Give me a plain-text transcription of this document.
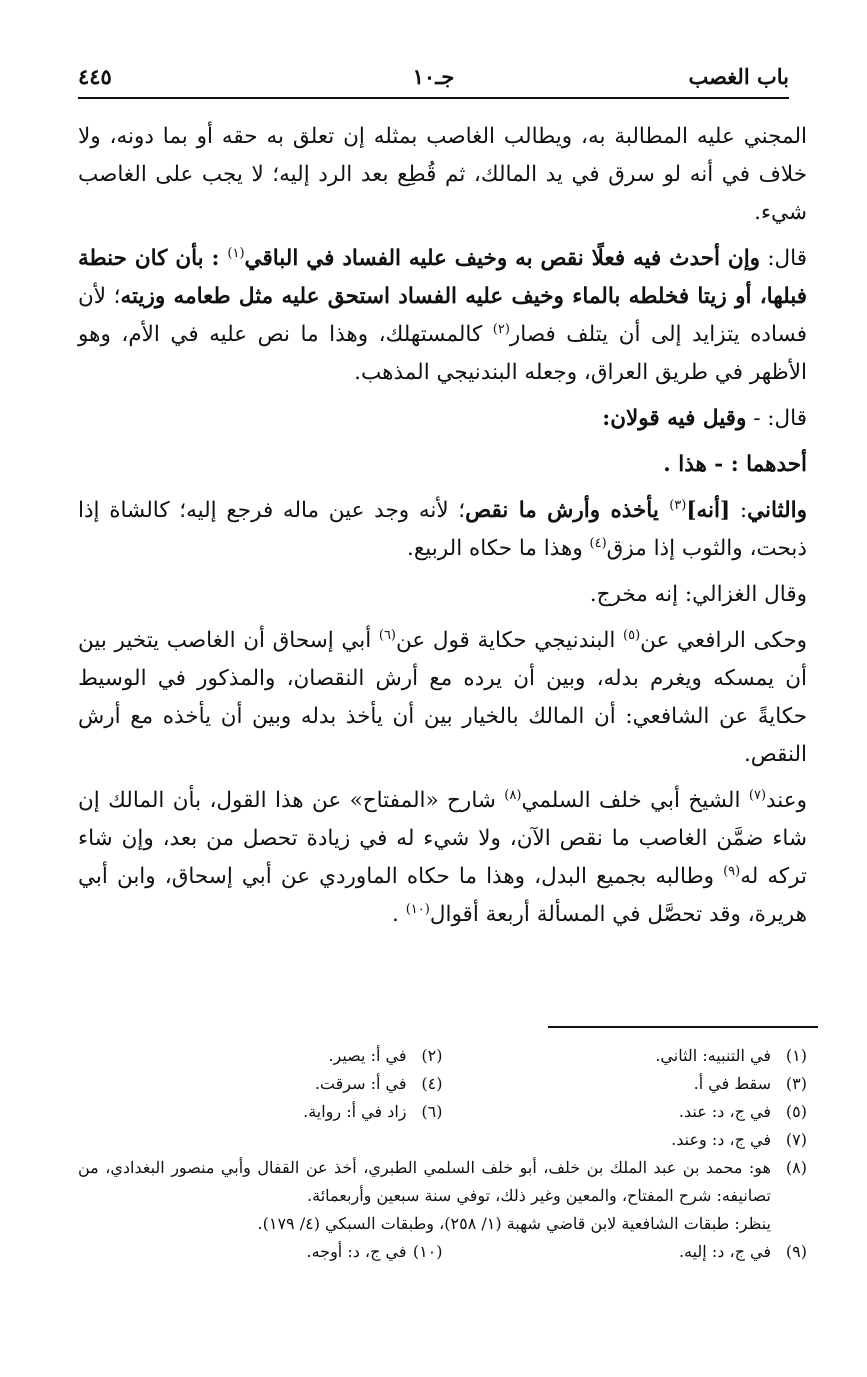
باب الغصب
جـ١٠
٤٤٥

المجني عليه المطالبة به، ويطالب الغاصب بمثله إن تعلق به حقه أو بما دونه، ولا خلاف في أنه لو سرق في يد المالك، ثم قُطِع بعد الرد إليه؛ لا يجب على الغاصب شيء.

قال: وإن أحدث فيه فعلًا نقص به وخيف عليه الفساد في الباقي$^{(١)}$ : بأن كان حنطة فبلها، أو زيتا فخلطه بالماء وخيف عليه الفساد استحق عليه مثل طعامه وزيته؛ لأن فساده يتزايد إلى أن يتلف فصار$^{(٢)}$ كالمستهلك، وهذا ما نص عليه في الأم، وهو الأظهر في طريق العراق، وجعله البندنيجي المذهب.

قال: - وقيل فيه قولان:

أحدهما : - هذا .

والثاني: [أنه]$^{(٣)}$ يأخذه وأرش ما نقص؛ لأنه وجد عين ماله فرجع إليه؛ كالشاة إذا ذبحت، والثوب إذا مزق$^{(٤)}$ وهذا ما حكاه الربيع.

وقال الغزالي: إنه مخرج.

وحكى الرافعي عن$^{(٥)}$ البندنيجي حكاية قول عن$^{(٦)}$ أبي إسحاق أن الغاصب يتخير بين أن يمسكه ويغرم بدله، وبين أن يرده مع أرش النقصان، والمذكور في الوسيط حكايةً عن الشافعي: أن المالك بالخيار بين أن يأخذ بدله وبين أن يأخذه مع أرش النقص.

وعند$^{(٧)}$ الشيخ أبي خلف السلمي$^{(٨)}$ شارح «المفتاح» عن هذا القول، بأن المالك إن شاء ضمَّن الغاصب ما نقص الآن، ولا شيء له في زيادة تحصل من بعد، وإن شاء تركه له$^{(٩)}$ وطالبه بجميع البدل، وهذا ما حكاه الماوردي عن أبي إسحاق، وابن أبي هريرة، وقد تحصَّل في المسألة أربعة أقوال$^{(١٠)}$ .

(١)في التنبيه: الثاني.
(٢)في أ: يصير.
(٣)سقط في أ.
(٤)في أ: سرقت.
(٥)في ج، د: عند.
(٦)زاد في أ: رواية.
(٧)في ج، د: وعند.
(٨)
هو: محمد بن عبد الملك بن خلف، أبو خلف السلمي الطبري، أخذ عن القفال وأبي منصور البغدادي، من تصانيفه: شرح المفتاح، والمعين وغير ذلك، توفي سنة سبعين وأربعمائة.
ينظر: طبقات الشافعية لابن قاضي شهبة (١/ ٢٥٨)، وطبقات السبكي (٤/ ١٧٩).
(٩)في ج، د: إليه.
(١٠)في ج، د: أوجه.
